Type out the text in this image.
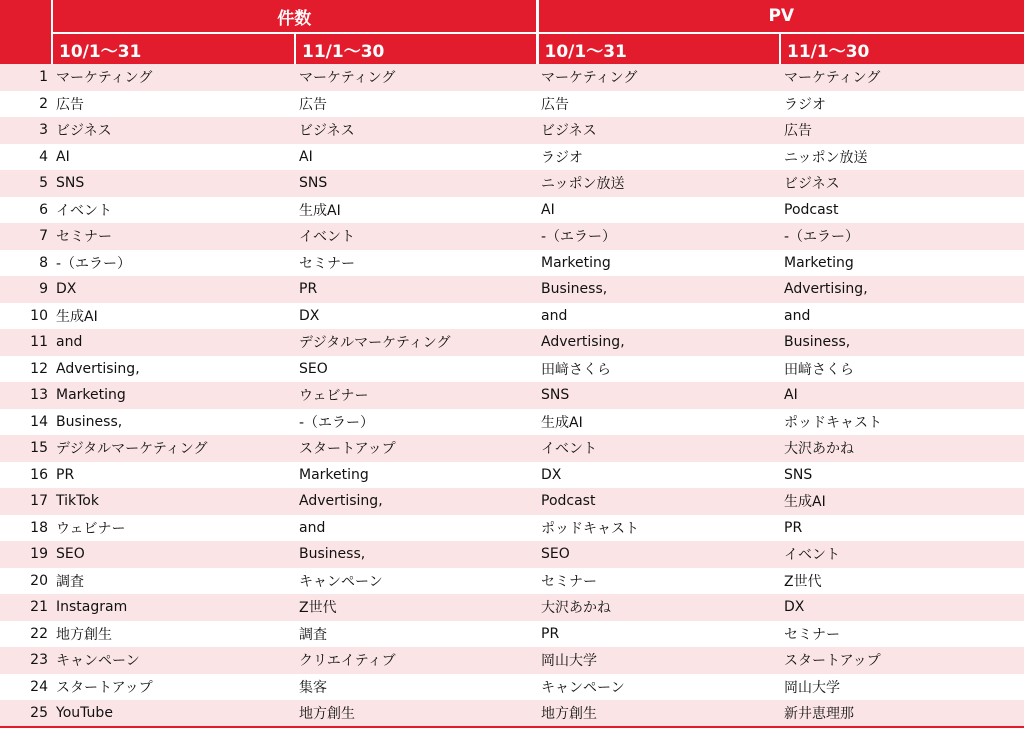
	件数		PV	
	10/1～31	11/1～30	10/1～31	11/1～30
1	マーケティング	マーケティング	マーケティング	マーケティング
2	広告	広告	広告	ラジオ
3	ビジネス	ビジネス	ビジネス	広告
4	AI	AI	ラジオ	ニッポン放送
5	SNS	SNS	ニッポン放送	ビジネス
6	イベント	生成AI	AI	Podcast
7	セミナー	イベント	-（エラー）	-（エラー）
8	-（エラー）	セミナー	Marketing	Marketing
9	DX	PR	Business,	Advertising,
10	生成AI	DX	and	and
11	and	デジタルマーケティング	Advertising,	Business,
12	Advertising,	SEO	田﨑さくら	田﨑さくら
13	Marketing	ウェビナー	SNS	AI
14	Business,	-（エラー）	生成AI	ポッドキャスト
15	デジタルマーケティング	スタートアップ	イベント	大沢あかね
16	PR	Marketing	DX	SNS
17	TikTok	Advertising,	Podcast	生成AI
18	ウェビナー	and	ポッドキャスト	PR
19	SEO	Business,	SEO	イベント
20	調査	キャンペーン	セミナー	Z世代
21	Instagram	Z世代	大沢あかね	DX
22	地方創生	調査	PR	セミナー
23	キャンペーン	クリエイティブ	岡山大学	スタートアップ
24	スタートアップ	集客	キャンペーン	岡山大学
25	YouTube	地方創生	地方創生	新井恵理那
